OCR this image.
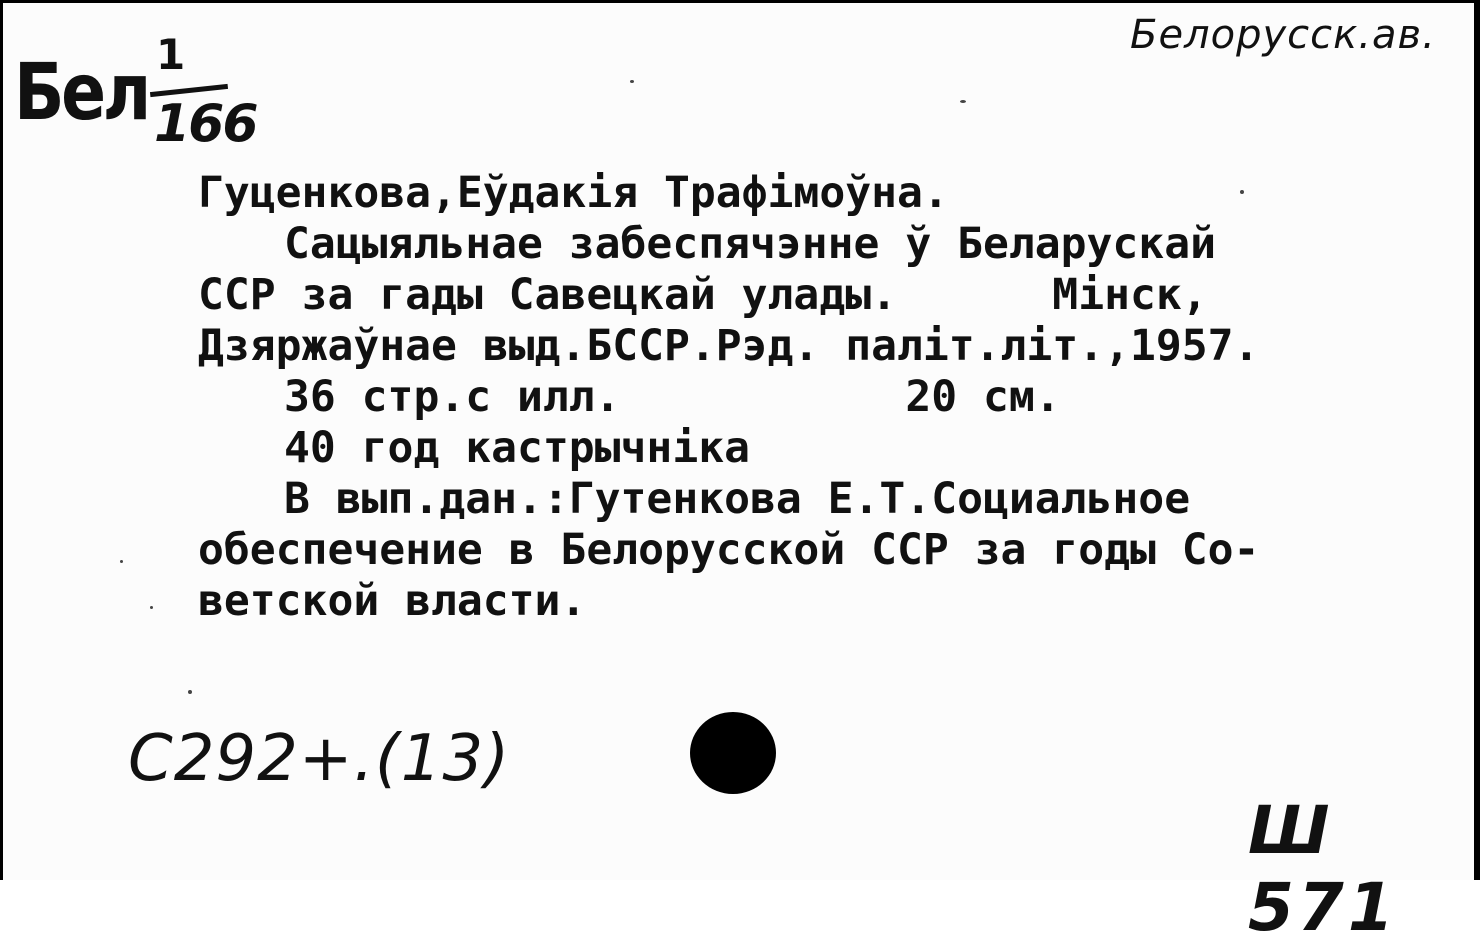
Бел 1
166
Белорусск.ав.
Гуценкова,Еўдакiя Трафiмоўна.
Сацыяльнае забеспячэнне ў Беларускай
ССР за гады Савецкай улады.      Мiнск,
Дзяржаўнае выд.БССР.Рэд. палiт.лiт.,1957.
36 стр.с илл.           20 см.
40 год кастрычнiка
В вып.дан.:Гутенкова Е.Т.Социальное
обеспечение в Белорусской ССР за годы Со-
ветской власти.
С292+.(13)
Ш 571
